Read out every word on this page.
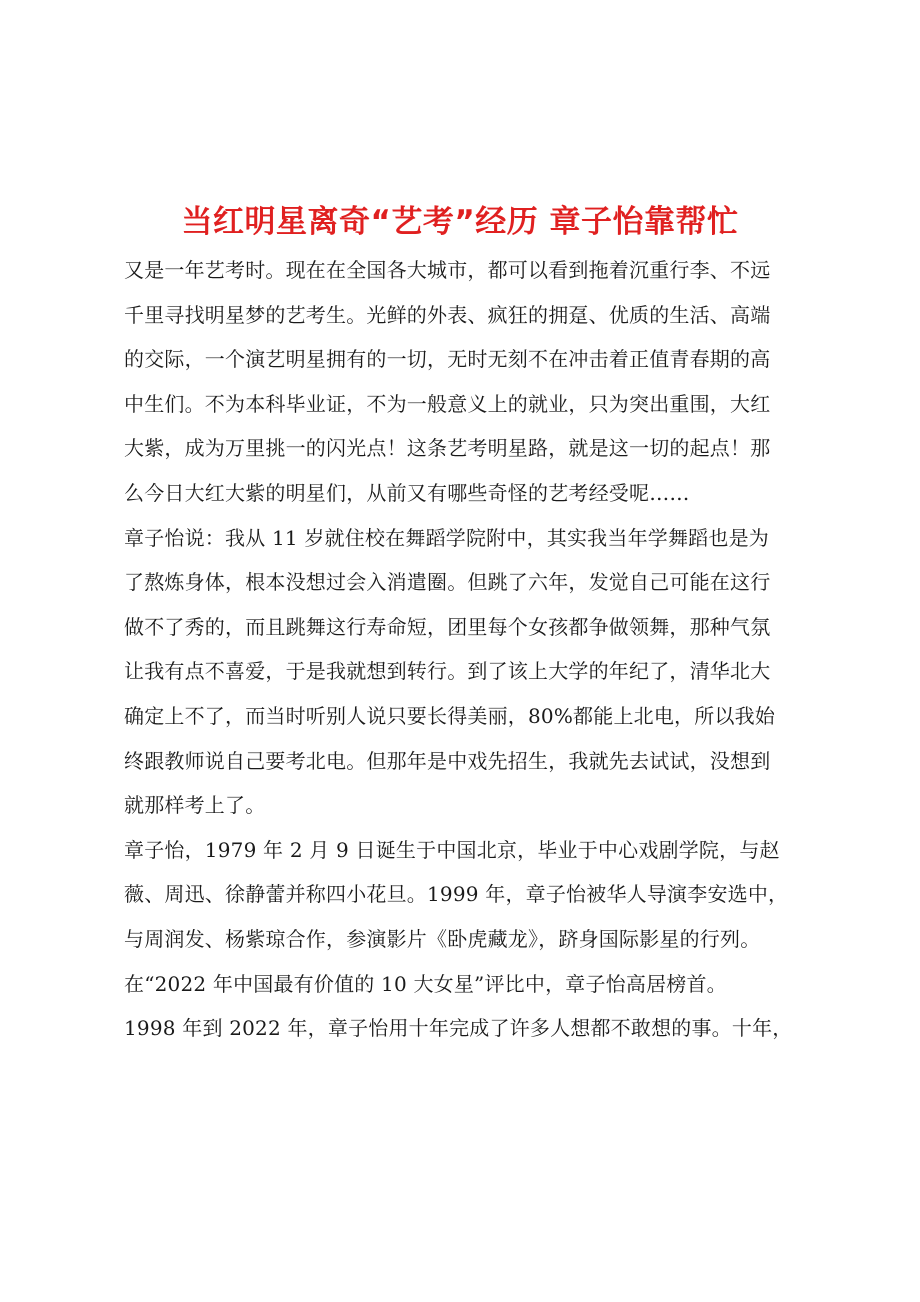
当红明星离奇“艺考”经历 章子怡靠帮忙

又是一年艺考时。现在在全国各大城市，都可以看到拖着沉重行李、不远
千里寻找明星梦的艺考生。光鲜的外表、疯狂的拥趸、优质的生活、高端
的交际，一个演艺明星拥有的一切，无时无刻不在冲击着正值青春期的高
中生们。不为本科毕业证，不为一般意义上的就业，只为突出重围，大红
大紫，成为万里挑一的闪光点！这条艺考明星路，就是这一切的起点！那
么今日大红大紫的明星们，从前又有哪些奇怪的艺考经受呢……

章子怡说：我从 11 岁就住校在舞蹈学院附中，其实我当年学舞蹈也是为
了熬炼身体，根本没想过会入消遣圈。但跳了六年，发觉自己可能在这行
做不了秀的，而且跳舞这行寿命短，团里每个女孩都争做领舞，那种气氛
让我有点不喜爱，于是我就想到转行。到了该上大学的年纪了，清华北大
确定上不了，而当时听别人说只要长得美丽，80%都能上北电，所以我始
终跟教师说自己要考北电。但那年是中戏先招生，我就先去试试，没想到
就那样考上了。

章子怡，1979 年 2 月 9 日诞生于中国北京，毕业于中心戏剧学院，与赵
薇、周迅、徐静蕾并称四小花旦。1999 年，章子怡被华人导演李安选中，
与周润发、杨紫琼合作，参演影片《卧虎藏龙》，跻身国际影星的行列。

在“2022 年中国最有价值的 10 大女星”评比中，章子怡高居榜首。

1998 年到 2022 年，章子怡用十年完成了许多人想都不敢想的事。十年，
